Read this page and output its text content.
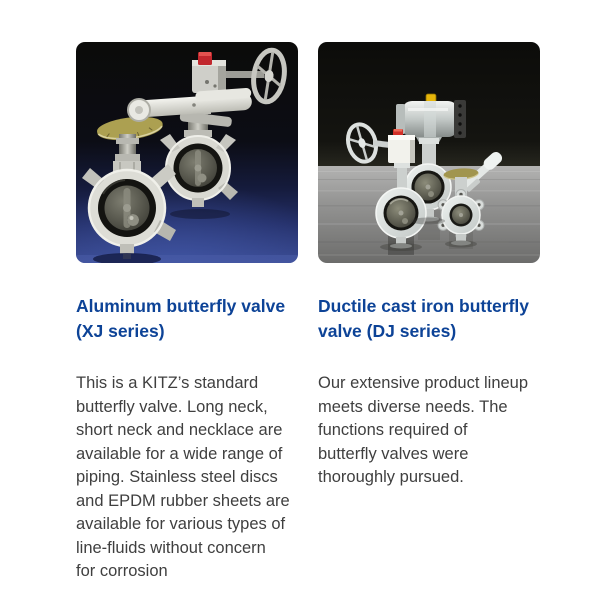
Aluminum butterfly valve
(XJ series)

This is a KITZ’s standard
butterfly valve. Long neck,
short neck and necklace are
available for a wide range of
piping. Stainless steel discs
and EPDM rubber sheets are
available for various types of
line-fluids without concern
for corrosion

Ductile cast iron butterfly
valve (DJ series)

Our extensive product lineup
meets diverse needs. The
functions required of
butterfly valves were
thoroughly pursued.
